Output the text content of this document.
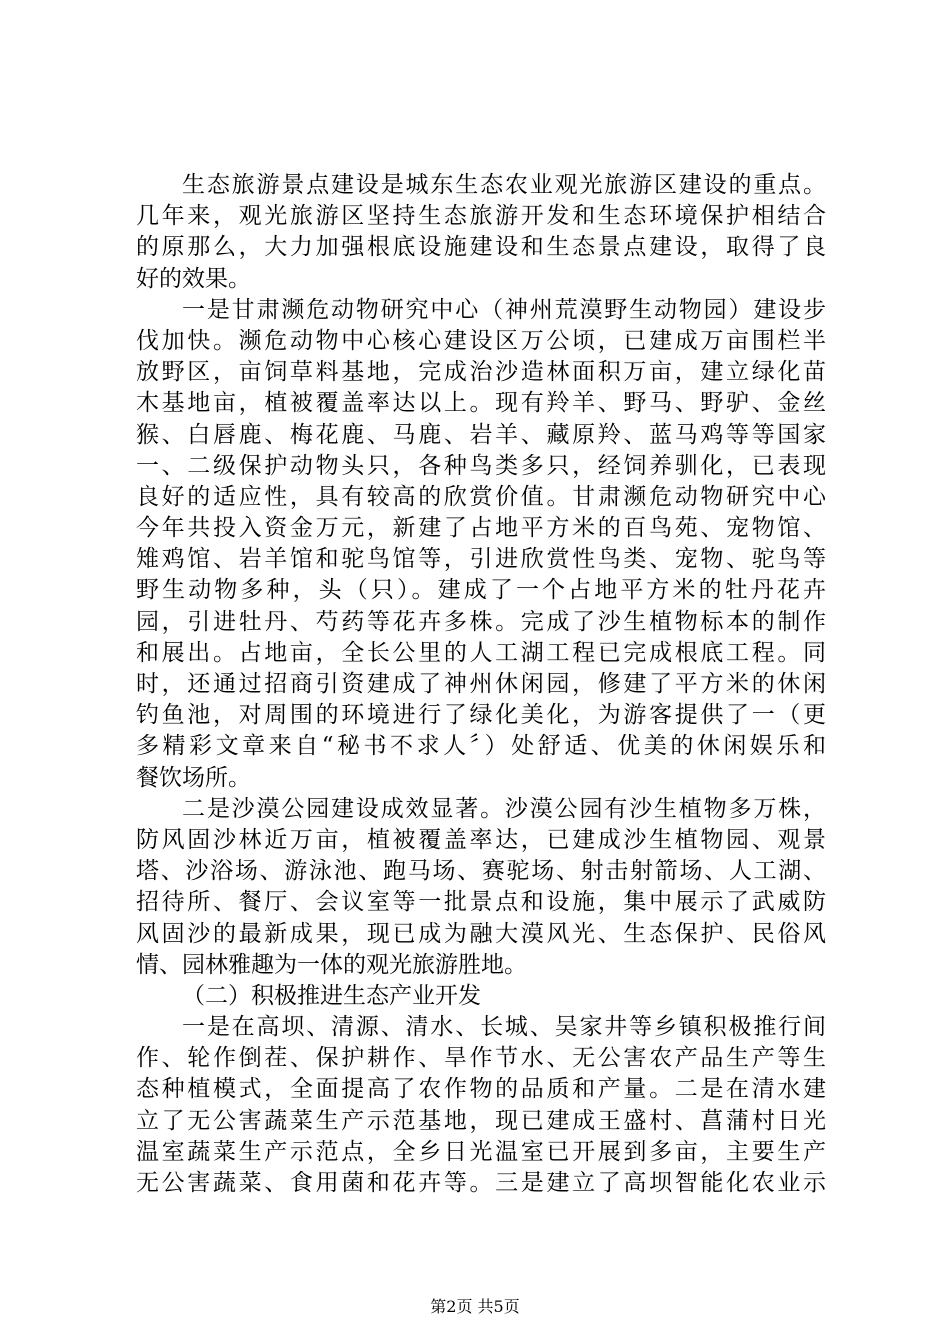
生态旅游景点建设是城东生态农业观光旅游区建设的重点。
几年来，观光旅游区坚持生态旅游开发和生态环境保护相结合
的原那么，大力加强根底设施建设和生态景点建设，取得了良
好的效果。
一是甘肃濒危动物研究中心（神州荒漠野生动物园）建设步
伐加快。濒危动物中心核心建设区万公顷，已建成万亩围栏半
放野区，亩饲草料基地，完成治沙造林面积万亩，建立绿化苗
木基地亩，植被覆盖率达以上。现有羚羊、野马、野驴、金丝
猴、白唇鹿、梅花鹿、马鹿、岩羊、藏原羚、蓝马鸡等等国家
一、二级保护动物头只，各种鸟类多只，经饲养驯化，已表现
良好的适应性，具有较高的欣赏价值。甘肃濒危动物研究中心
今年共投入资金万元，新建了占地平方米的百鸟苑、宠物馆、
雉鸡馆、岩羊馆和驼鸟馆等，引进欣赏性鸟类、宠物、驼鸟等
野生动物多种，头（只）。建成了一个占地平方米的牡丹花卉
园，引进牡丹、芍药等花卉多株。完成了沙生植物标本的制作
和展出。占地亩，全长公里的人工湖工程已完成根底工程。同
时，还通过招商引资建成了神州休闲园，修建了平方米的休闲
钓鱼池，对周围的环境进行了绿化美化，为游客提供了一（更
多精彩文章来自“秘书不求人〞）处舒适、优美的休闲娱乐和
餐饮场所。
二是沙漠公园建设成效显著。沙漠公园有沙生植物多万株，
防风固沙林近万亩，植被覆盖率达，已建成沙生植物园、观景
塔、沙浴场、游泳池、跑马场、赛驼场、射击射箭场、人工湖、
招待所、餐厅、会议室等一批景点和设施，集中展示了武威防
风固沙的最新成果，现已成为融大漠风光、生态保护、民俗风
情、园林雅趣为一体的观光旅游胜地。
（二）积极推进生态产业开发
一是在高坝、清源、清水、长城、吴家井等乡镇积极推行间
作、轮作倒茬、保护耕作、旱作节水、无公害农产品生产等生
态种植模式，全面提高了农作物的品质和产量。二是在清水建
立了无公害蔬菜生产示范基地，现已建成王盛村、菖蒲村日光
温室蔬菜生产示范点，全乡日光温室已开展到多亩，主要生产
无公害蔬菜、食用菌和花卉等。三是建立了高坝智能化农业示
第2页 共5页
